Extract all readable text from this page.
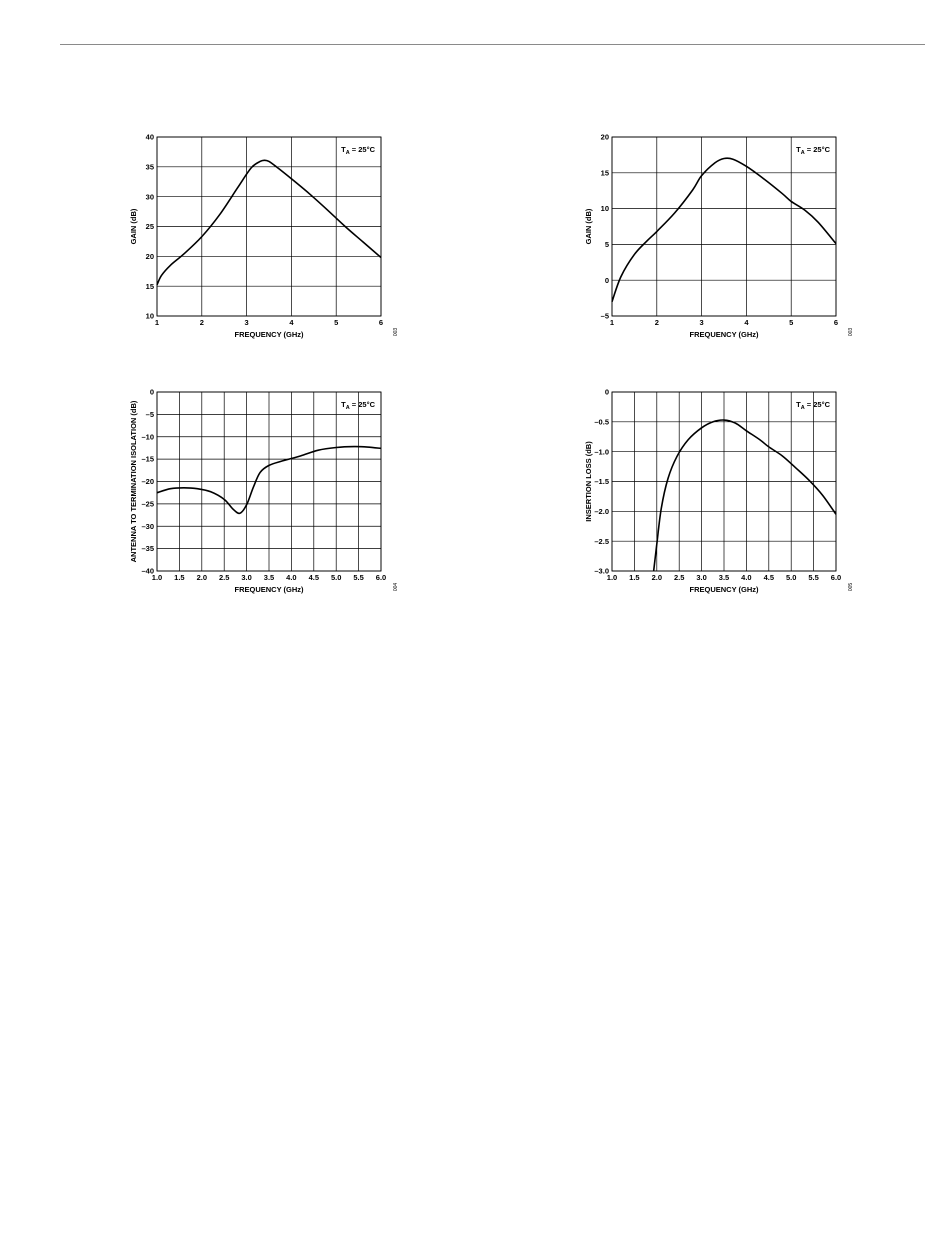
1	2	3	4	5	6
10
15
20
25
30
35
40
FREQUENCY (GHz)
GAIN (dB)
$T_A = 25^\circ C$
003
1	2	3	4	5	6
–5
0
5
10
15
20
FREQUENCY (GHz)
GAIN (dB)
$T_A = 25^\circ C$
003
1.0 1.5 2.0 2.5 3.0 3.5 4.0 4.5 5.0 5.5 6.0
–40
–35
–30
–25
–20
–15
–10
–5
0
FREQUENCY (GHz)
ANTENNA TO TERMINATION ISOLATION (dB)	$T_A = 25^\circ C$
004
1.0 1.5 2.0 2.5 3.0 3.5 4.0 4.5 5.0 5.5 6.0
–3.0
–2.5
–2.0
–1.5
–1.0
–0.5
0
FREQUENCY (GHz)
INSERTION LOSS (dB)
$T_A = 25^\circ C$
005
